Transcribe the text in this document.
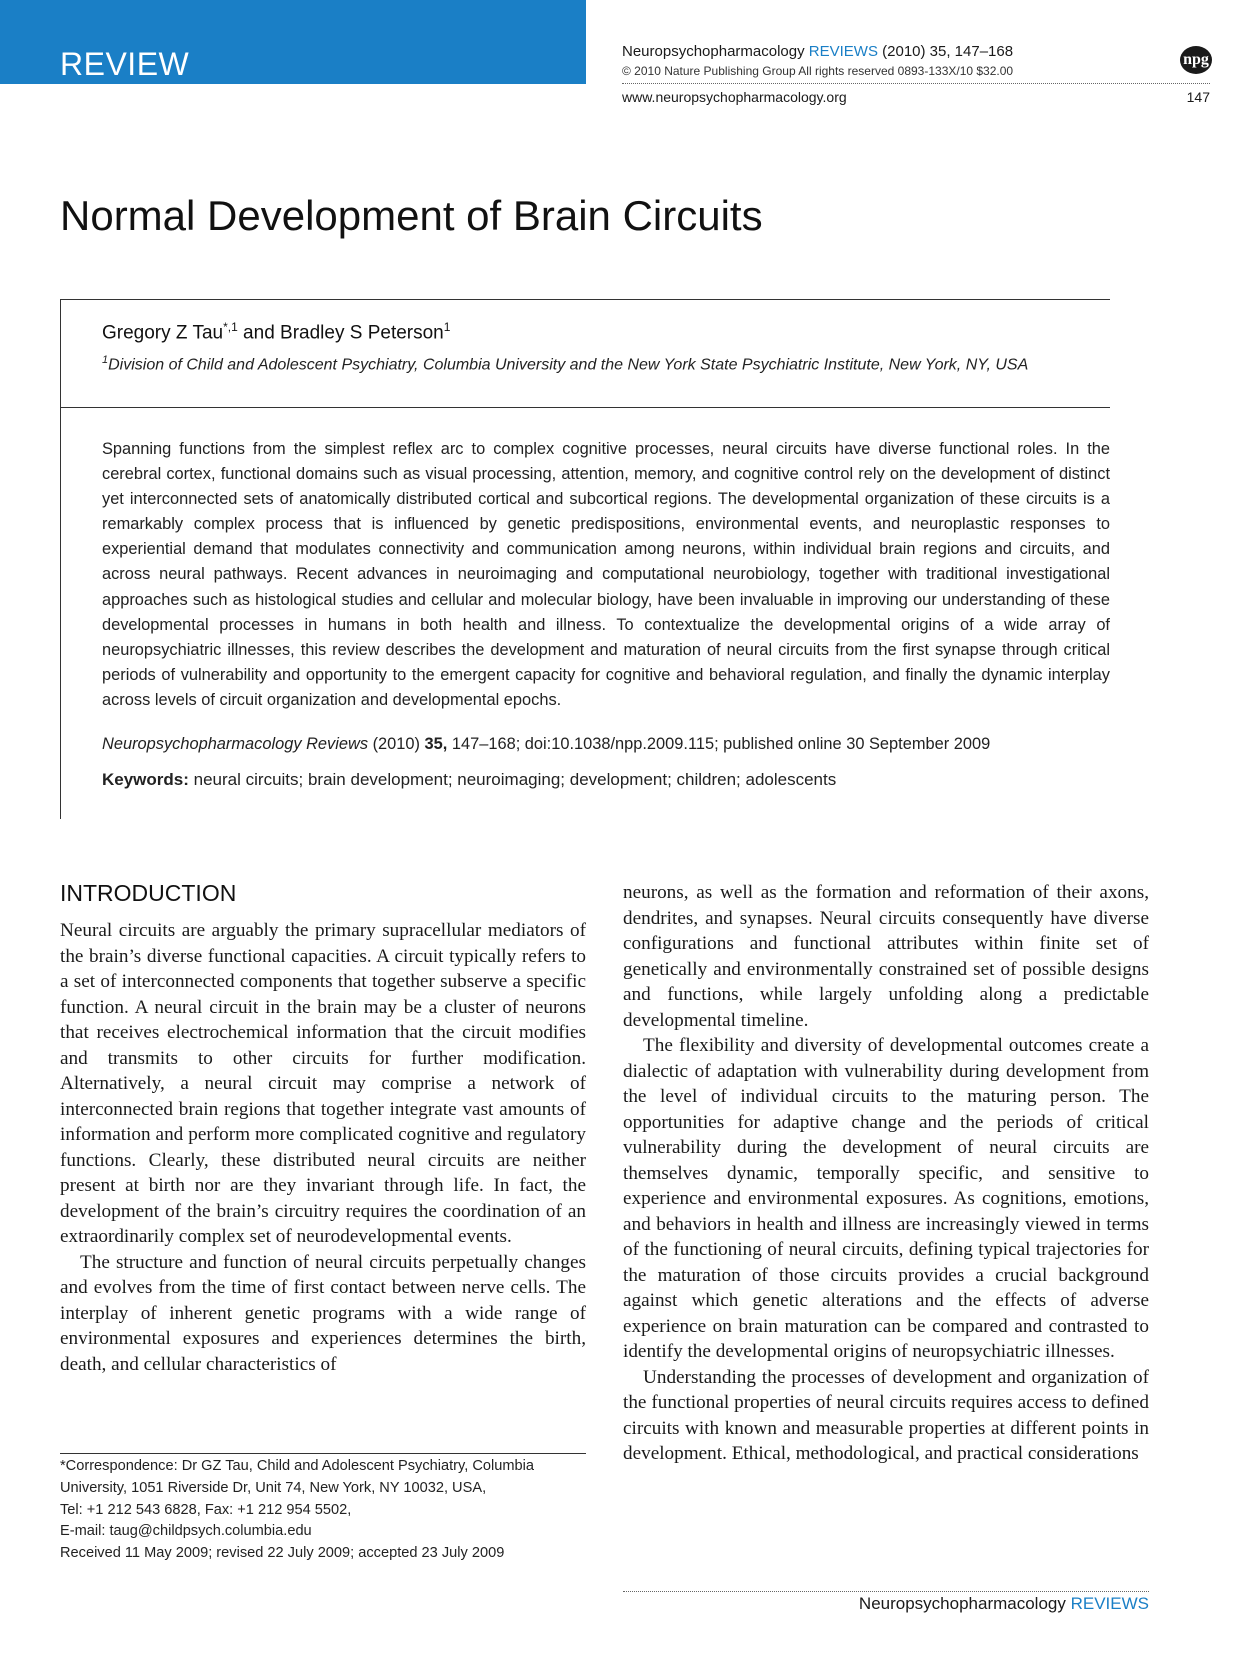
REVIEW	Neuropsychopharmacology REVIEWS (2010) 35, 147–168
© 2010 Nature Publishing Group All rights reserved 0893-133X/10 $32.00
npg
www.neuropsychopharmacology.org	147
Normal Development of Brain Circuits
Gregory Z Tau$^{*,1}$ and Bradley S Peterson$^1$
$^1$Division of Child and Adolescent Psychiatry, Columbia University and the New York State Psychiatric Institute, New York, NY, USA
Spanning functions from the simplest reflex arc to complex cognitive processes, neural circuits have diverse functional roles. In the cerebral cortex, functional domains such as visual processing, attention, memory, and cognitive control rely on the development of distinct yet interconnected sets of anatomically distributed cortical and subcortical regions. The developmental organization of these circuits is a remarkably complex process that is influenced by genetic predispositions, environmental events, and neuroplastic responses to experiential demand that modulates connectivity and communication among neurons, within individual brain regions and circuits, and across neural pathways. Recent advances in neuroimaging and computational neurobiology, together with traditional investigational approaches such as histological studies and cellular and molecular biology, have been invaluable in improving our understanding of these developmental processes in humans in both health and illness. To contextualize the developmental origins of a wide array of neuropsychiatric illnesses, this review describes the development and maturation of neural circuits from the first synapse through critical periods of vulnerability and opportunity to the emergent capacity for cognitive and behavioral regulation, and finally the dynamic interplay across levels of circuit organization and developmental epochs.
Neuropsychopharmacology Reviews (2010) 35, 147–168; doi:10.1038/npp.2009.115; published online 30 September 2009
Keywords: neural circuits; brain development; neuroimaging; development; children; adolescents
INTRODUCTION

Neural circuits are arguably the primary supracellular mediators of the brain’s diverse functional capacities. A circuit typically refers to a set of interconnected components that together subserve a specific function. A neural circuit in the brain may be a cluster of neurons that receives electrochemical information that the circuit modifies and transmits to other circuits for further modification. Alternatively, a neural circuit may comprise a network of interconnected brain regions that together integrate vast amounts of information and perform more complicated cognitive and regulatory functions. Clearly, these distributed neural circuits are neither present at birth nor are they invariant through life. In fact, the development of the brain’s circuitry requires the coordination of an extraordinarily complex set of neurodevelopmental events.

The structure and function of neural circuits perpetually changes and evolves from the time of first contact between nerve cells. The interplay of inherent genetic programs with a wide range of environmental exposures and experiences determines the birth, death, and cellular characteristics of

neurons, as well as the formation and reformation of their axons, dendrites, and synapses. Neural circuits consequently have diverse configurations and functional attributes within finite set of genetically and environmentally constrained set of possible designs and functions, while largely unfolding along a predictable developmental timeline.

The flexibility and diversity of developmental outcomes create a dialectic of adaptation with vulnerability during development from the level of individual circuits to the maturing person. The opportunities for adaptive change and the periods of critical vulnerability during the development of neural circuits are themselves dynamic, temporally specific, and sensitive to experience and environmental exposures. As cognitions, emotions, and behaviors in health and illness are increasingly viewed in terms of the functioning of neural circuits, defining typical trajectories for the maturation of those circuits provides a crucial background against which genetic alterations and the effects of adverse experience on brain maturation can be compared and contrasted to identify the developmental origins of neuropsychiatric illnesses.

Understanding the processes of development and organization of the functional properties of neural circuits requires access to defined circuits with known and measurable properties at different points in development. Ethical, methodological, and practical considerations

*Correspondence: Dr GZ Tau, Child and Adolescent Psychiatry, Columbia
University, 1051 Riverside Dr, Unit 74, New York, NY 10032, USA,
Tel: +1 212 543 6828, Fax: +1 212 954 5502,
E-mail: taug@childpsych.columbia.edu
Received 11 May 2009; revised 22 July 2009; accepted 23 July 2009
Neuropsychopharmacology REVIEWS
